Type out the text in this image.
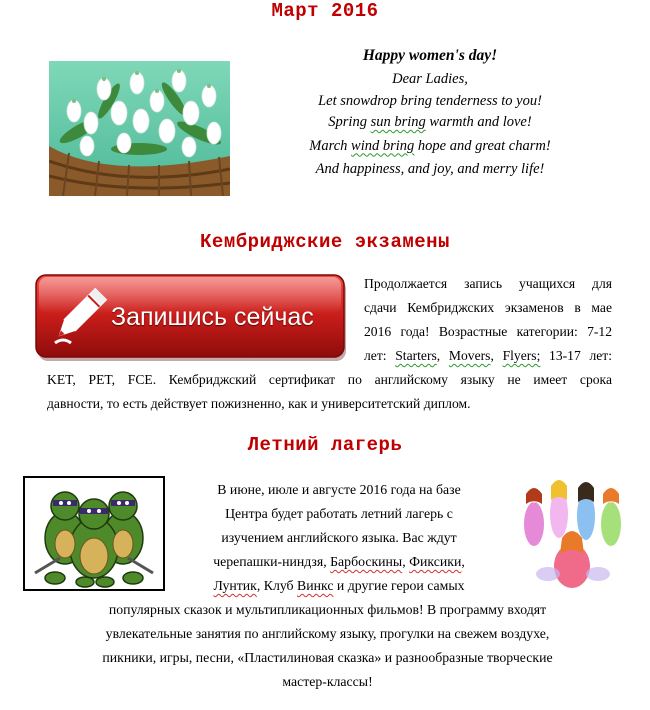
Март 2016
Happy women's day!
Dear Ladies,
Let snowdrop bring tenderness to you!
Spring sun bring warmth and love!
March wind bring hope and great charm!
And happiness, and joy, and merry life!
Кембриджские экзамены
Запишись сейчас
Продолжается запись учащихся для
сдачи Кембриджских экзаменов в мае
2016 года! Возрастные категории: 7-12
лет: Starters, Movers, Flyers; 13-17 лет:
KET, PET, FCE. Кембриджский сертификат по английскому языку не имеет срока
давности, то есть действует пожизненно, как и университетский диплом.
Летний лагерь
В июне, июле и августе 2016 года на базе
Центра будет работать летний лагерь с
изучением английского языка. Вас ждут
черепашки-ниндзя, Барбоскины, Фиксики,
Лунтик, Клуб Винкс и другие герои самых
популярных сказок и мультипликационных фильмов! В программу входят
увлекательные занятия по английскому языку, прогулки на свежем воздухе,
пикники, игры, песни, «Пластилиновая сказка» и разнообразные творческие
мастер-классы!
